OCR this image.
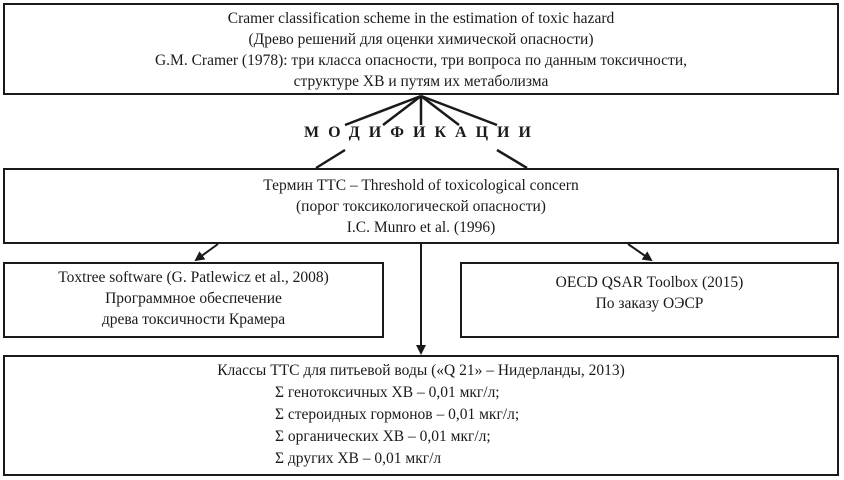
Cramer classification scheme in the estimation of toxic hazard
(Древо решений для оценки химической опасности)
G.M. Cramer (1978): три класса опасности, три вопроса по данным токсичности,
структуре ХВ и путям их метаболизма
МОДИФИКАЦИИ
Термин TTC – Threshold of toxicological concern
(порог токсикологической опасности)
I.C. Munro et al. (1996)
Toxtree software (G. Patlewicz et al., 2008)
Программное обеспечение
древа токсичности Крамера
OECD QSAR Toolbox (2015)
По заказу ОЭСР
Классы TTC для питьевой воды («Q 21» – Нидерланды, 2013)
Σ генотоксичных ХВ – 0,01 мкг/л;
Σ стероидных гормонов – 0,01 мкг/л;
Σ органических ХВ – 0,01 мкг/л;
Σ других ХВ – 0,01 мкг/л
